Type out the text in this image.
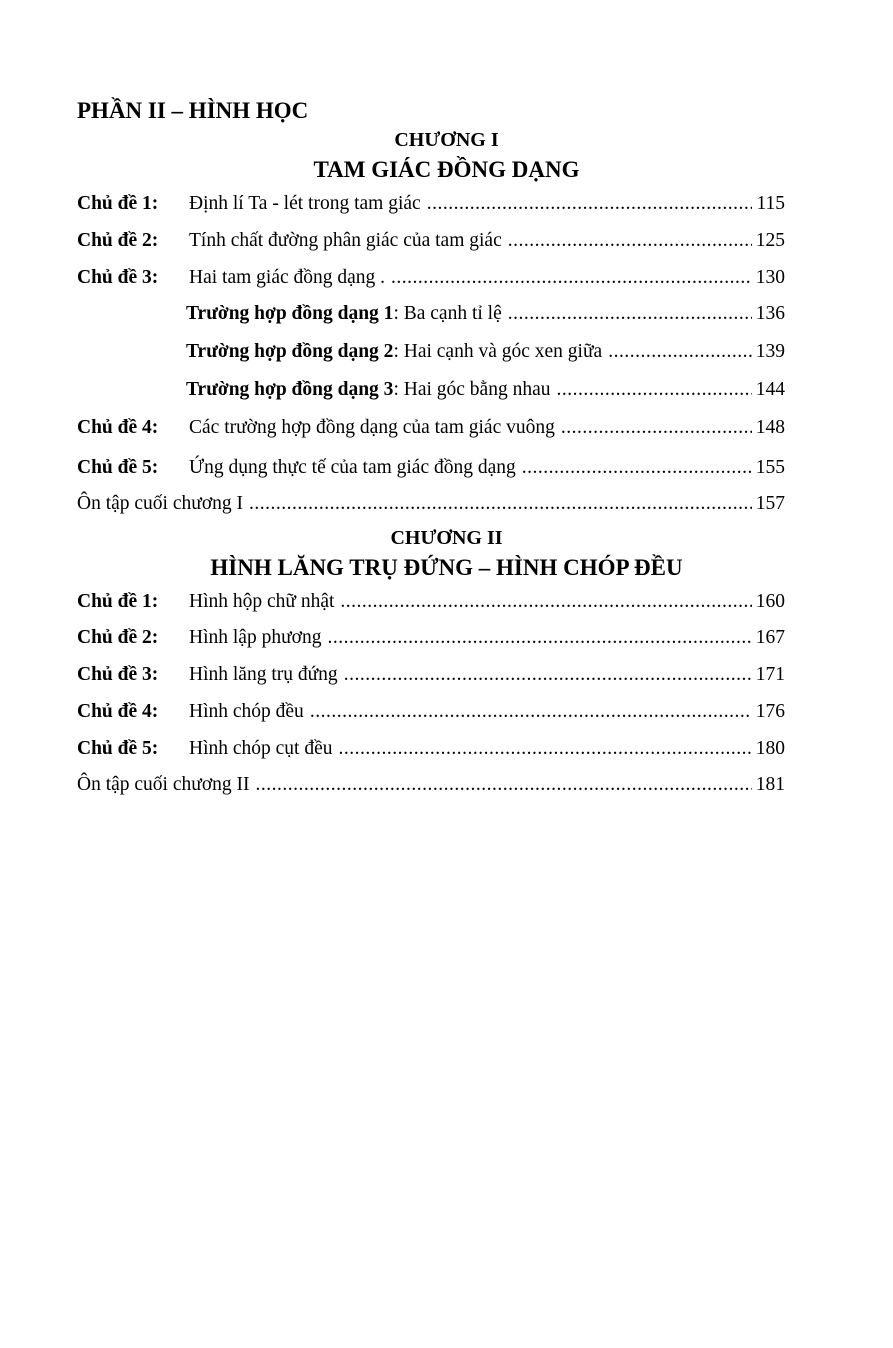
PHẦN II – HÌNH HỌC
CHƯƠNG I
TAM GIÁC ĐỒNG DẠNG
Chủ đề 1:	Định lí Ta - lét trong tam giác .....	115
Chủ đề 2:	Tính chất đường phân giác của tam giác .....	125
Chủ đề 3:	Hai tam giác đồng dạng . .....	130
Trường hợp đồng dạng 1 : Ba cạnh tỉ lệ .....	136
Trường hợp đồng dạng 2 : Hai cạnh và góc xen giữa .....	139
Trường hợp đồng dạng 3 : Hai góc bằng nhau .....	144
Chủ đề 4:	Các trường hợp đồng dạng của tam giác vuông .....	148
Chủ đề 5:	Ứng dụng thực tế của tam giác đồng dạng .....	155
Ôn tập cuối chương I .....	157
CHƯƠNG II
HÌNH LĂNG TRỤ ĐỨNG – HÌNH CHÓP ĐỀU
Chủ đề 1:	Hình hộp chữ nhật .....	160
Chủ đề 2:	Hình lập phương .....	167
Chủ đề 3:	Hình lăng trụ đứng .....	171
Chủ đề 4:	Hình chóp đều .....	176
Chủ đề 5:	Hình chóp cụt đều .....	180
Ôn tập cuối chương II .....	181
